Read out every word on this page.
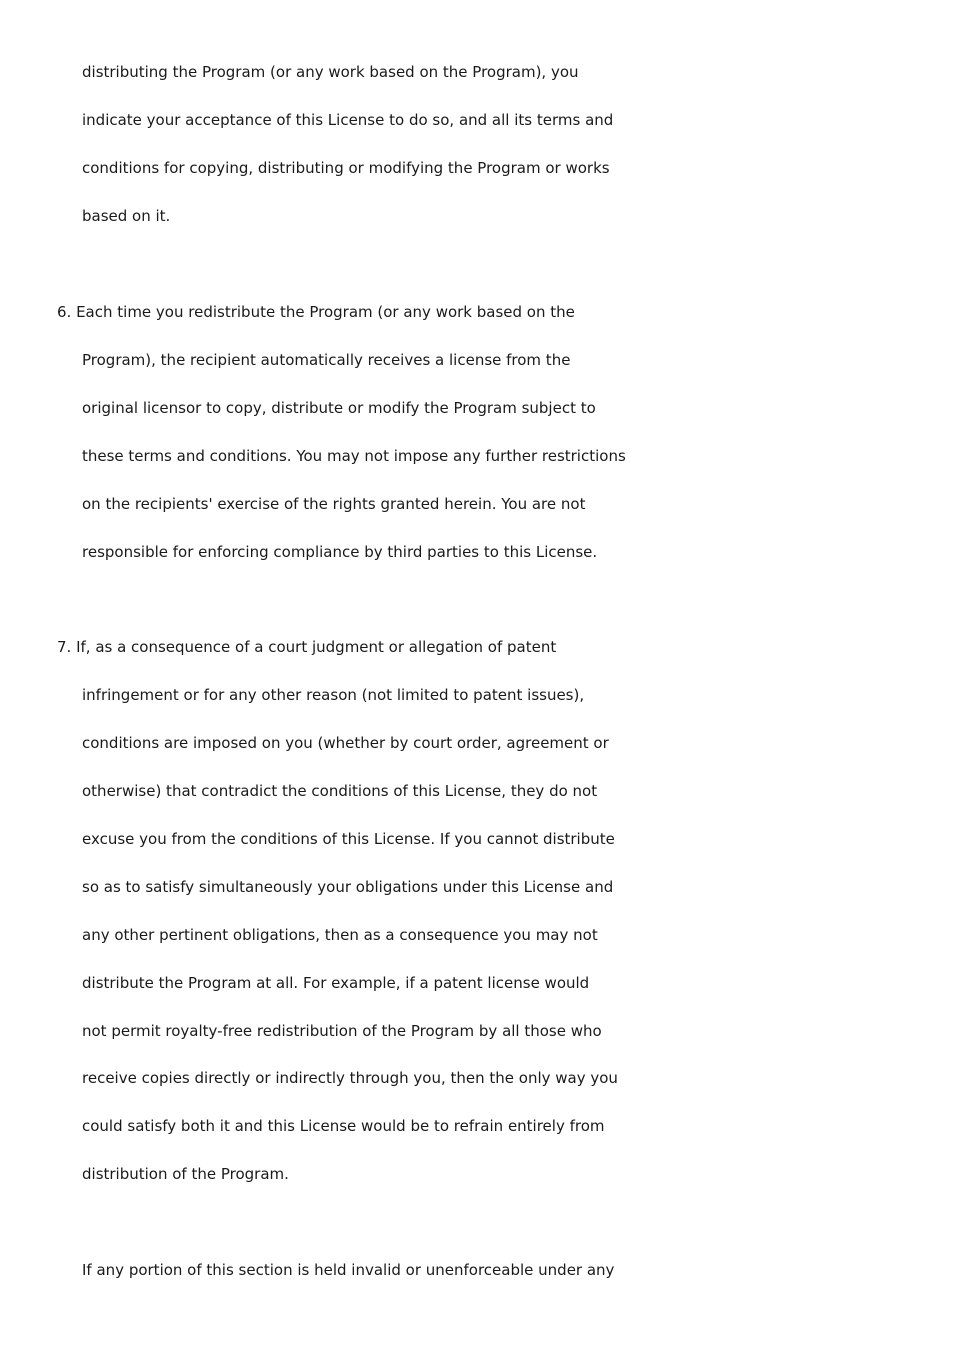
distributing the Program (or any work based on the Program), you
indicate your acceptance of this License to do so, and all its terms and
conditions for copying, distributing or modifying the Program or works
based on it.
6. Each time you redistribute the Program (or any work based on the
Program), the recipient automatically receives a license from the
original licensor to copy, distribute or modify the Program subject to
these terms and conditions. You may not impose any further restrictions
on the recipients' exercise of the rights granted herein. You are not
responsible for enforcing compliance by third parties to this License.
7. If, as a consequence of a court judgment or allegation of patent
infringement or for any other reason (not limited to patent issues),
conditions are imposed on you (whether by court order, agreement or
otherwise) that contradict the conditions of this License, they do not
excuse you from the conditions of this License. If you cannot distribute
so as to satisfy simultaneously your obligations under this License and
any other pertinent obligations, then as a consequence you may not
distribute the Program at all. For example, if a patent license would
not permit royalty-free redistribution of the Program by all those who
receive copies directly or indirectly through you, then the only way you
could satisfy both it and this License would be to refrain entirely from
distribution of the Program.
If any portion of this section is held invalid or unenforceable under any
